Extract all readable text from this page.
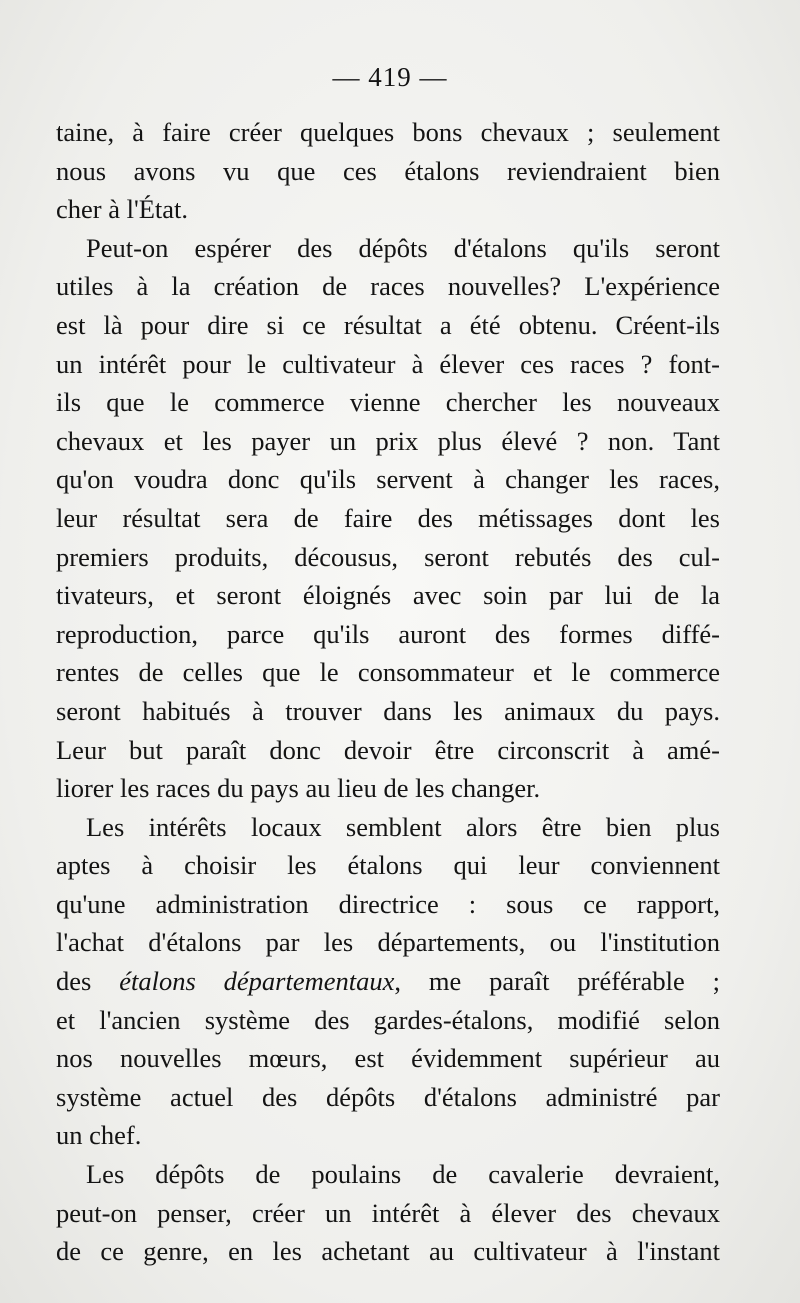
— 419 —
taine, à faire créer quelques bons chevaux ; seulement
nous avons vu que ces étalons reviendraient bien
cher à l'État.
Peut-on espérer des dépôts d'étalons qu'ils seront
utiles à la création de races nouvelles? L'expérience
est là pour dire si ce résultat a été obtenu. Créent-ils
un intérêt pour le cultivateur à élever ces races ? font-
ils que le commerce vienne chercher les nouveaux
chevaux et les payer un prix plus élevé ? non. Tant
qu'on voudra donc qu'ils servent à changer les races,
leur résultat sera de faire des métissages dont les
premiers produits, décousus, seront rebutés des cul-
tivateurs, et seront éloignés avec soin par lui de la
reproduction, parce qu'ils auront des formes diffé-
rentes de celles que le consommateur et le commerce
seront habitués à trouver dans les animaux du pays.
Leur but paraît donc devoir être circonscrit à amé-
liorer les races du pays au lieu de les changer.
Les intérêts locaux semblent alors être bien plus
aptes à choisir les étalons qui leur conviennent
qu'une administration directrice : sous ce rapport,
l'achat d'étalons par les départements, ou l'institution
des étalons départementaux, me paraît préférable ;
et l'ancien système des gardes-étalons, modifié selon
nos nouvelles mœurs, est évidemment supérieur au
système actuel des dépôts d'étalons administré par
un chef.
Les dépôts de poulains de cavalerie devraient,
peut-on penser, créer un intérêt à élever des chevaux
de ce genre, en les achetant au cultivateur à l'instant
